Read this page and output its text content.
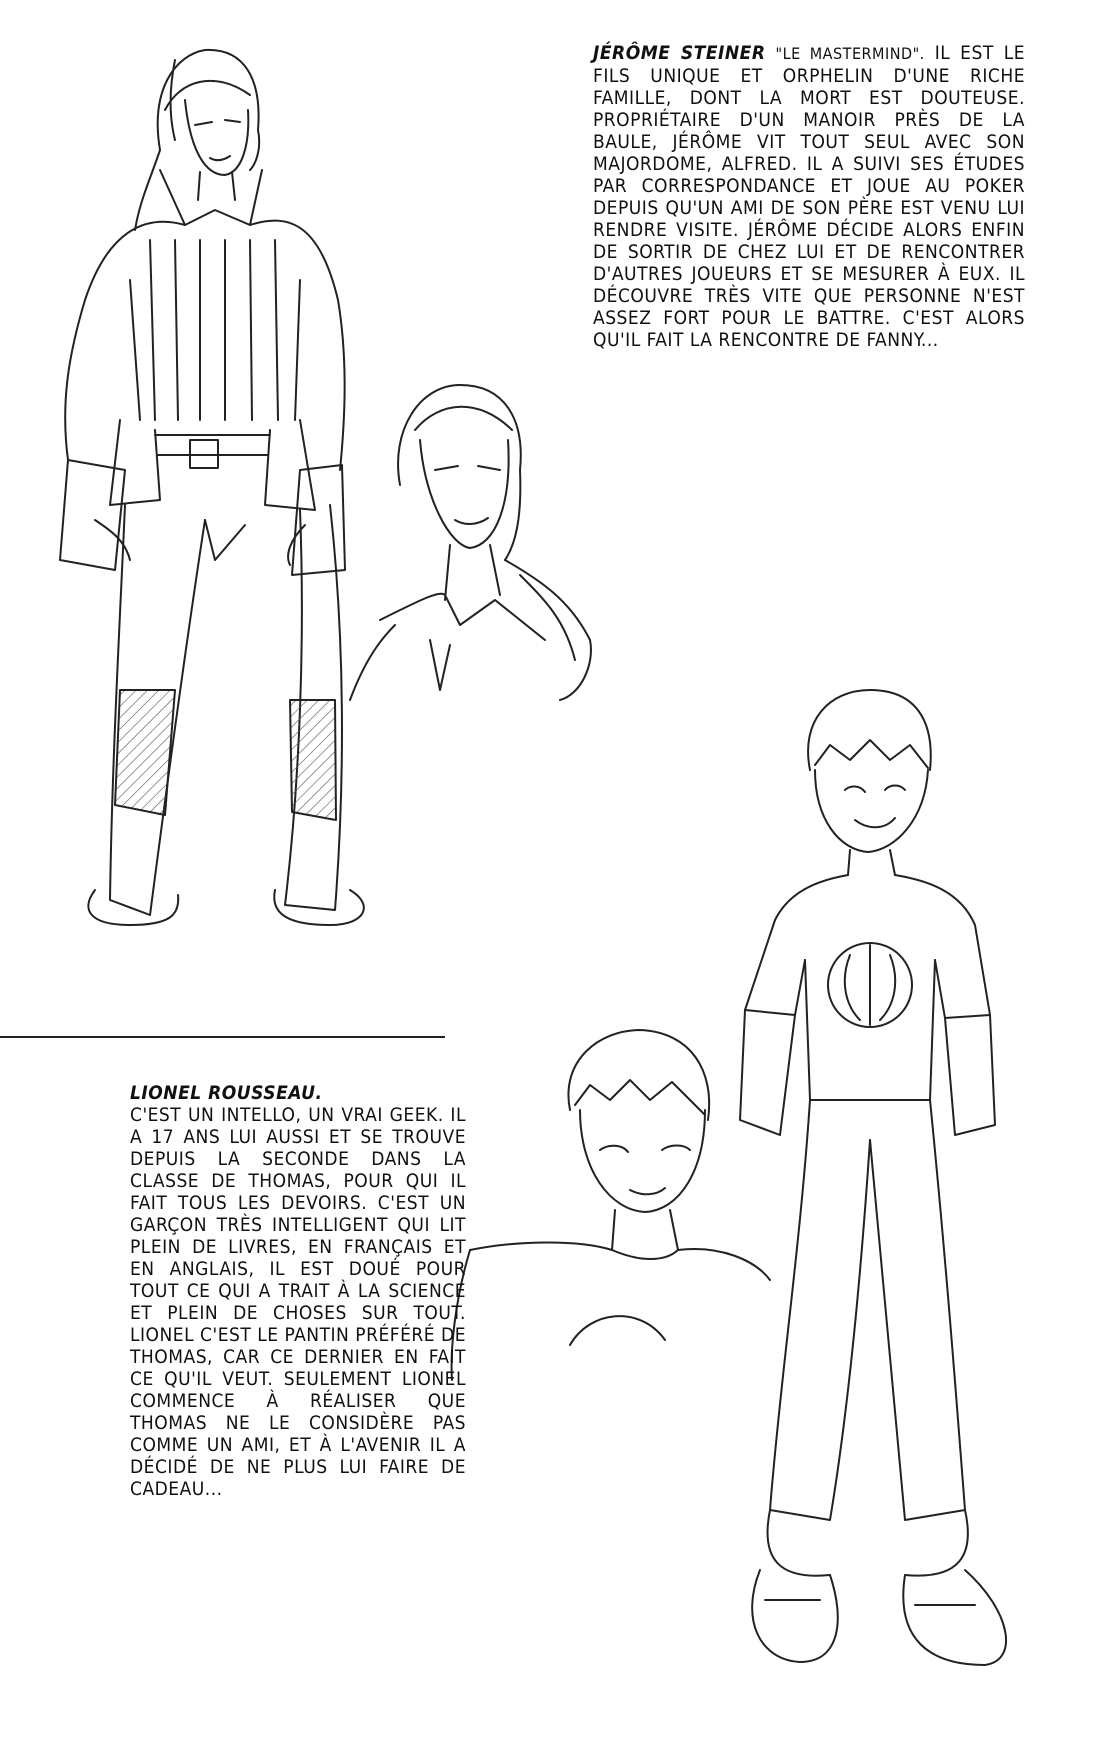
JÉRÔME STEINER "LE MASTERMIND". IL EST LE FILS UNIQUE ET ORPHELIN D'UNE RICHE FAMILLE, DONT LA MORT EST DOUTEUSE. PROPRIÉTAIRE D'UN MANOIR PRÈS DE LA BAULE, JÉRÔME VIT TOUT SEUL AVEC SON MAJORDOME, ALFRED. IL A SUIVI SES ÉTUDES PAR CORRESPONDANCE ET JOUE AU POKER DEPUIS QU'UN AMI DE SON PÈRE EST VENU LUI RENDRE VISITE. JÉRÔME DÉCIDE ALORS ENFIN DE SORTIR DE CHEZ LUI ET DE RENCONTRER D'AUTRES JOUEURS ET SE MESURER À EUX. IL DÉCOUVRE TRÈS VITE QUE PERSONNE N'EST ASSEZ FORT POUR LE BATTRE. C'EST ALORS QU'IL FAIT LA RENCONTRE DE FANNY...

LIONEL ROUSSEAU.

C'EST UN INTELLO, UN VRAI GEEK. IL A 17 ANS LUI AUSSI ET SE TROUVE DEPUIS LA SECONDE DANS LA CLASSE DE THOMAS, POUR QUI IL FAIT TOUS LES DEVOIRS. C'EST UN GARÇON TRÈS INTELLIGENT QUI LIT PLEIN DE LIVRES, EN FRANÇAIS ET EN ANGLAIS, IL EST DOUÉ POUR TOUT CE QUI A TRAIT À LA SCIENCE ET PLEIN DE CHOSES SUR TOUT. LIONEL C'EST LE PANTIN PRÉFÉRÉ DE THOMAS, CAR CE DERNIER EN FAIT CE QU'IL VEUT. SEULEMENT LIONEL COMMENCE À RÉALISER QUE THOMAS NE LE CONSIDÈRE PAS COMME UN AMI, ET À L'AVENIR IL A DÉCIDÉ DE NE PLUS LUI FAIRE DE CADEAU...
